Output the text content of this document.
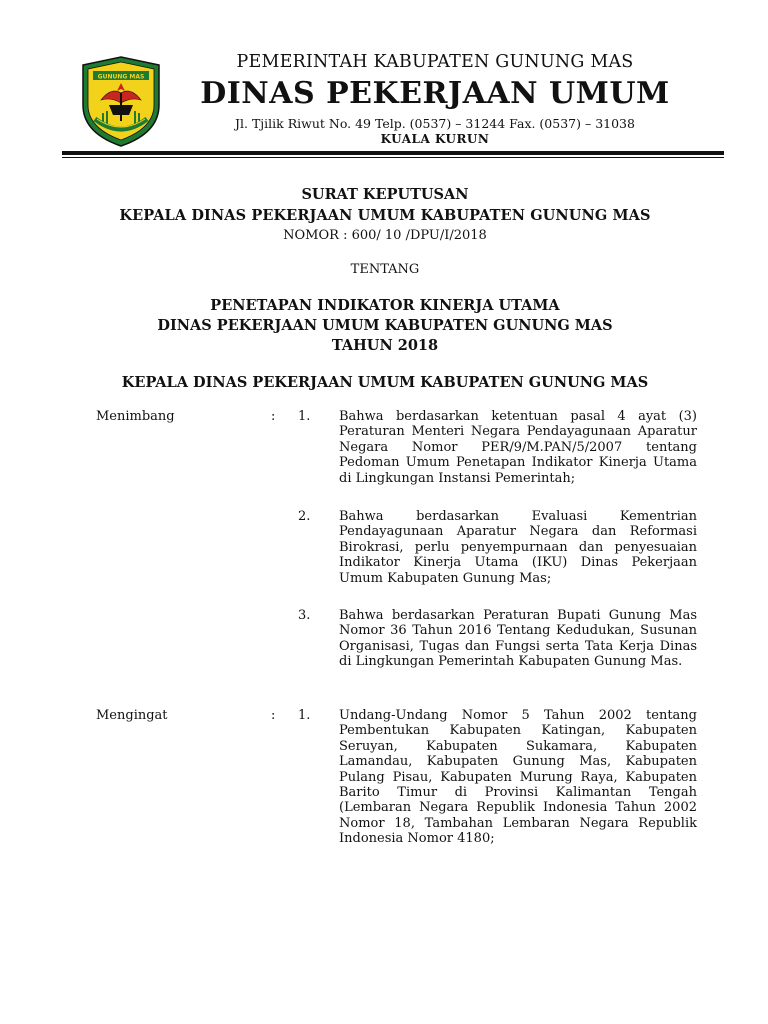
GUNUNG MAS
PEMERINTAH KABUPATEN GUNUNG MAS
DINAS PEKERJAAN UMUM
Jl. Tjilik Riwut No. 49 Telp. (0537) – 31244 Fax. (0537) – 31038
KUALA KURUN
SURAT KEPUTUSAN
KEPALA DINAS PEKERJAAN UMUM KABUPATEN GUNUNG MAS
NOMOR : 600/ 10 /DPU/I/2018
TENTANG
PENETAPAN INDIKATOR KINERJA UTAMA
DINAS PEKERJAAN UMUM KABUPATEN GUNUNG MAS
TAHUN 2018
KEPALA DINAS PEKERJAAN UMUM KABUPATEN GUNUNG MAS
Menimbang	: 1. Bahwa berdasarkan ketentuan pasal 4 ayat (3) Peraturan Menteri Negara Pendayagunaan Aparatur Negara Nomor PER/9/M.PAN/5/2007 tentang Pedoman Umum Penetapan Indikator Kinerja Utama di Lingkungan Instansi Pemerintah;
2. Bahwa berdasarkan Evaluasi Kementrian Pendayagunaan Aparatur Negara dan Reformasi Birokrasi, perlu penyempurnaan dan penyesuaian Indikator Kinerja Utama (IKU) Dinas Pekerjaan Umum Kabupaten Gunung Mas;
3. Bahwa berdasarkan Peraturan Bupati Gunung Mas Nomor 36 Tahun 2016 Tentang Kedudukan, Susunan Organisasi, Tugas dan Fungsi serta Tata Kerja Dinas di Lingkungan Pemerintah Kabupaten Gunung Mas.
Mengingat	: 1. Undang-Undang Nomor 5 Tahun 2002 tentang Pembentukan Kabupaten Katingan, Kabupaten Seruyan, Kabupaten Sukamara, Kabupaten Lamandau, Kabupaten Gunung Mas, Kabupaten Pulang Pisau, Kabupaten Murung Raya, Kabupaten Barito Timur di Provinsi Kalimantan Tengah (Lembaran Negara Republik Indonesia Tahun 2002 Nomor 18, Tambahan Lembaran Negara Republik Indonesia Nomor 4180;
